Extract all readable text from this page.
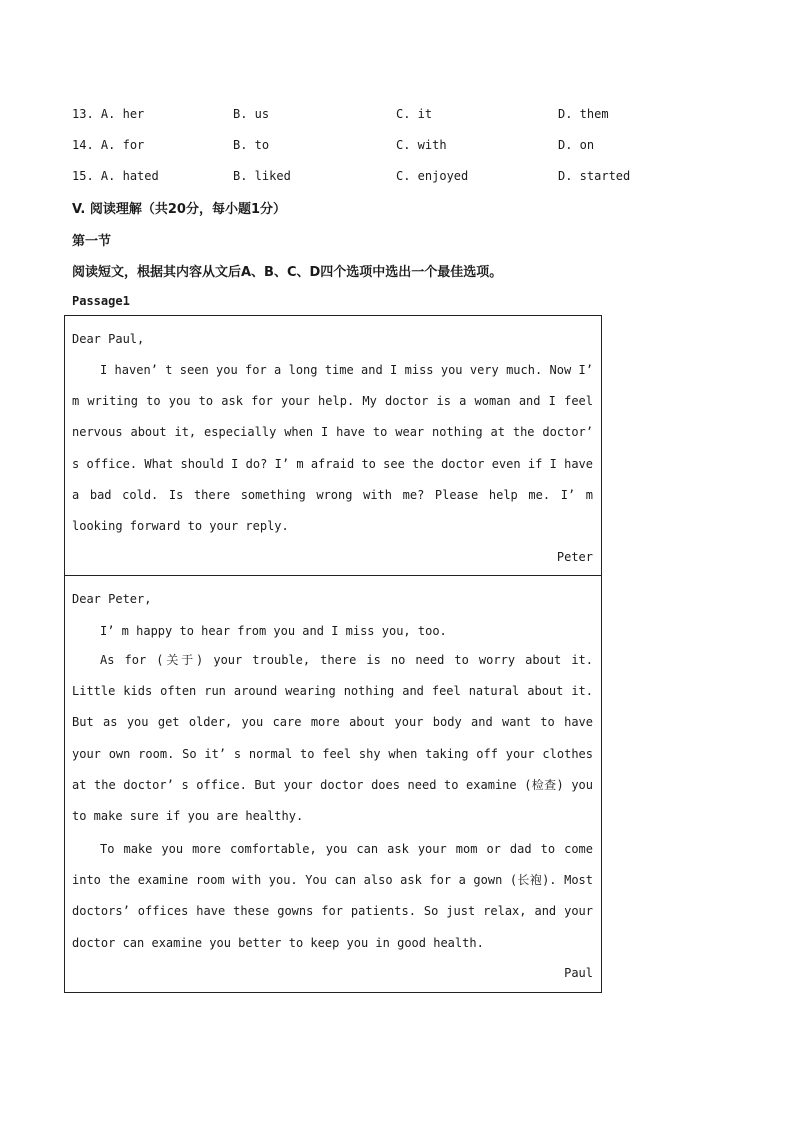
13. A. her	B. us	C. it	D. them
14. A. for	B. to	C. with	D. on
15. A. hated	B. liked	C. enjoyed	D. started
V. 阅读理解（共20分，每小题1分）
第一节
阅读短文，根据其内容从文后A、B、C、D四个选项中选出一个最佳选项。
Passage1
Dear Paul,

I haven’ t seen you for a long time and I miss you very much. Now I’ m writing to you to ask for your help. My doctor is a woman and I feel nervous about it, especially when I have to wear nothing at the doctor’ s office. What should I do? I’ m afraid to see the doctor even if I have a bad cold. Is there something wrong with me? Please help me. I’ m looking forward to your reply.

Peter
Dear Peter,

I’ m happy to hear from you and I miss you, too.

As for (关于) your trouble, there is no need to worry about it. Little kids often run around wearing nothing and feel natural about it. But as you get older, you care more about your body and want to have your own room. So it’ s normal to feel shy when taking off your clothes at the doctor’ s office. But your doctor does need to examine (检查) you to make sure if you are healthy.

To make you more comfortable, you can ask your mom or dad to come into the examine room with you. You can also ask for a gown (长袍). Most doctors’ offices have these gowns for patients. So just relax, and your doctor can examine you better to keep you in good health.

Paul
